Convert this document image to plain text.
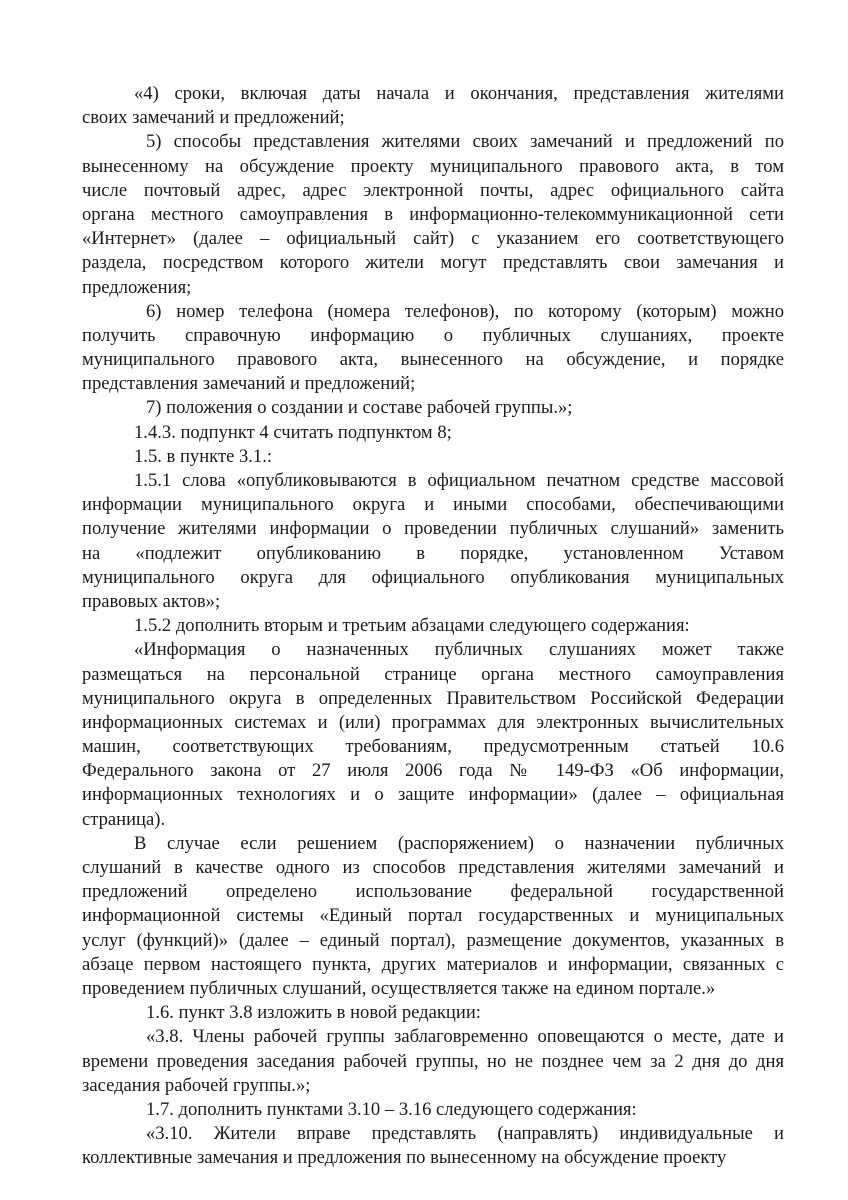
«4) сроки, включая даты начала и окончания, представления жителями
своих замечаний и предложений;
5) способы представления жителями своих замечаний и предложений по
вынесенному на обсуждение проекту муниципального правового акта, в том
числе почтовый адрес, адрес электронной почты, адрес официального сайта
органа местного самоуправления в информационно-телекоммуникационной сети
«Интернет» (далее – официальный сайт) с указанием его соответствующего
раздела, посредством которого жители могут представлять свои замечания и
предложения;
6) номер телефона (номера телефонов), по которому (которым) можно
получить справочную информацию о публичных слушаниях, проекте
муниципального правового акта, вынесенного на обсуждение, и порядке
представления замечаний и предложений;
7) положения о создании и составе рабочей группы.»;
1.4.3. подпункт 4 считать подпунктом 8;
1.5. в пункте 3.1.:
1.5.1 слова «опубликовываются в официальном печатном средстве массовой
информации муниципального округа и иными способами, обеспечивающими
получение жителями информации о проведении публичных слушаний» заменить
на «подлежит опубликованию в порядке, установленном Уставом
муниципального округа для официального опубликования муниципальных
правовых актов»;
1.5.2 дополнить вторым и третьим абзацами следующего содержания:
«Информация о назначенных публичных слушаниях может также
размещаться на персональной странице органа местного самоуправления
муниципального округа в определенных Правительством Российской Федерации
информационных системах и (или) программах для электронных вычислительных
машин, соответствующих требованиям, предусмотренным статьей 10.6
Федерального закона от 27 июля 2006 года № 149-ФЗ «Об информации,
информационных технологиях и о защите информации» (далее – официальная
страница).
В случае если решением (распоряжением) о назначении публичных
слушаний в качестве одного из способов представления жителями замечаний и
предложений определено использование федеральной государственной
информационной системы «Единый портал государственных и муниципальных
услуг (функций)» (далее – единый портал), размещение документов, указанных в
абзаце первом настоящего пункта, других материалов и информации, связанных с
проведением публичных слушаний, осуществляется также на едином портале.»
1.6. пункт 3.8 изложить в новой редакции:
«3.8. Члены рабочей группы заблаговременно оповещаются о месте, дате и
времени проведения заседания рабочей группы, но не позднее чем за 2 дня до дня
заседания рабочей группы.»;
1.7. дополнить пунктами 3.10 – 3.16 следующего содержания:
«3.10. Жители вправе представлять (направлять) индивидуальные и
коллективные замечания и предложения по вынесенному на обсуждение проекту
